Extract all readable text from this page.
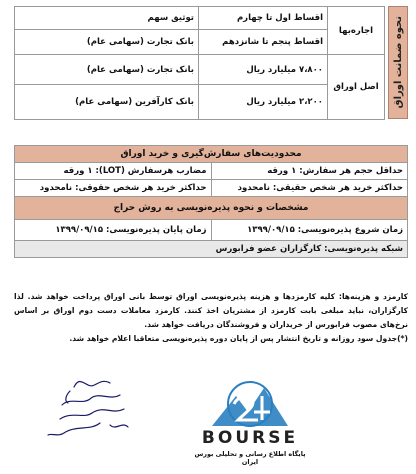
نحوه ضمانت اوراق
اجاره‌بها	اقساط اول تا چهارم	توثیق سهم
	اقساط پنجم تا شانزدهم	بانک تجارت (سهامی عام)
اصل اوراق	۷،۸۰۰ میلیارد ریال	بانک تجارت (سهامی عام)
	۲،۲۰۰ میلیارد ریال	بانک کارآفرین (سهامی عام)
محدودیت‌های سفارش‌گیری و خرید اوراق	
حداقل حجم هر سفارش: ۱ ورقه	مضارب هرسفارش (LOT): ۱ ورقه
حداکثر خرید هر شخص حقیقی: نامحدود	حداکثر خرید هر شخص حقوقی: نامحدود
مشخصات و نحوه پذیره‌نویسی به روش حراج	
زمان شروع پذیره‌نویسی: ۱۳۹۹/۰۹/۱۵	زمان پایان پذیره‌نویسی: ۱۳۹۹/۰۹/۱۵
شبکه پذیره‌نویسی: کارگزاران عضو فرابورس	

کارمزد و هزینه‌ها: کلیه کارمزدها و هزینه پذیره‌نویسی اوراق توسط بانی اوراق پرداخت خواهد شد. لذا کارگزاران، نباید مبلغی بابت کارمزد از مشتریان اخذ کنند. کارمزد معاملات دست دوم اوراق بر اساس نرخ‌های مصوب فرابورس از خریداران و فروشندگان دریافت خواهد شد.

(*)جدول سود روزانه و تاریخ انتشار پس از پایان دوره پذیره‌نویسی متعاقبا اعلام خواهد شد.

BOURSE
پایگاه اطلاع رسانی و تحلیلی بورس ایران
